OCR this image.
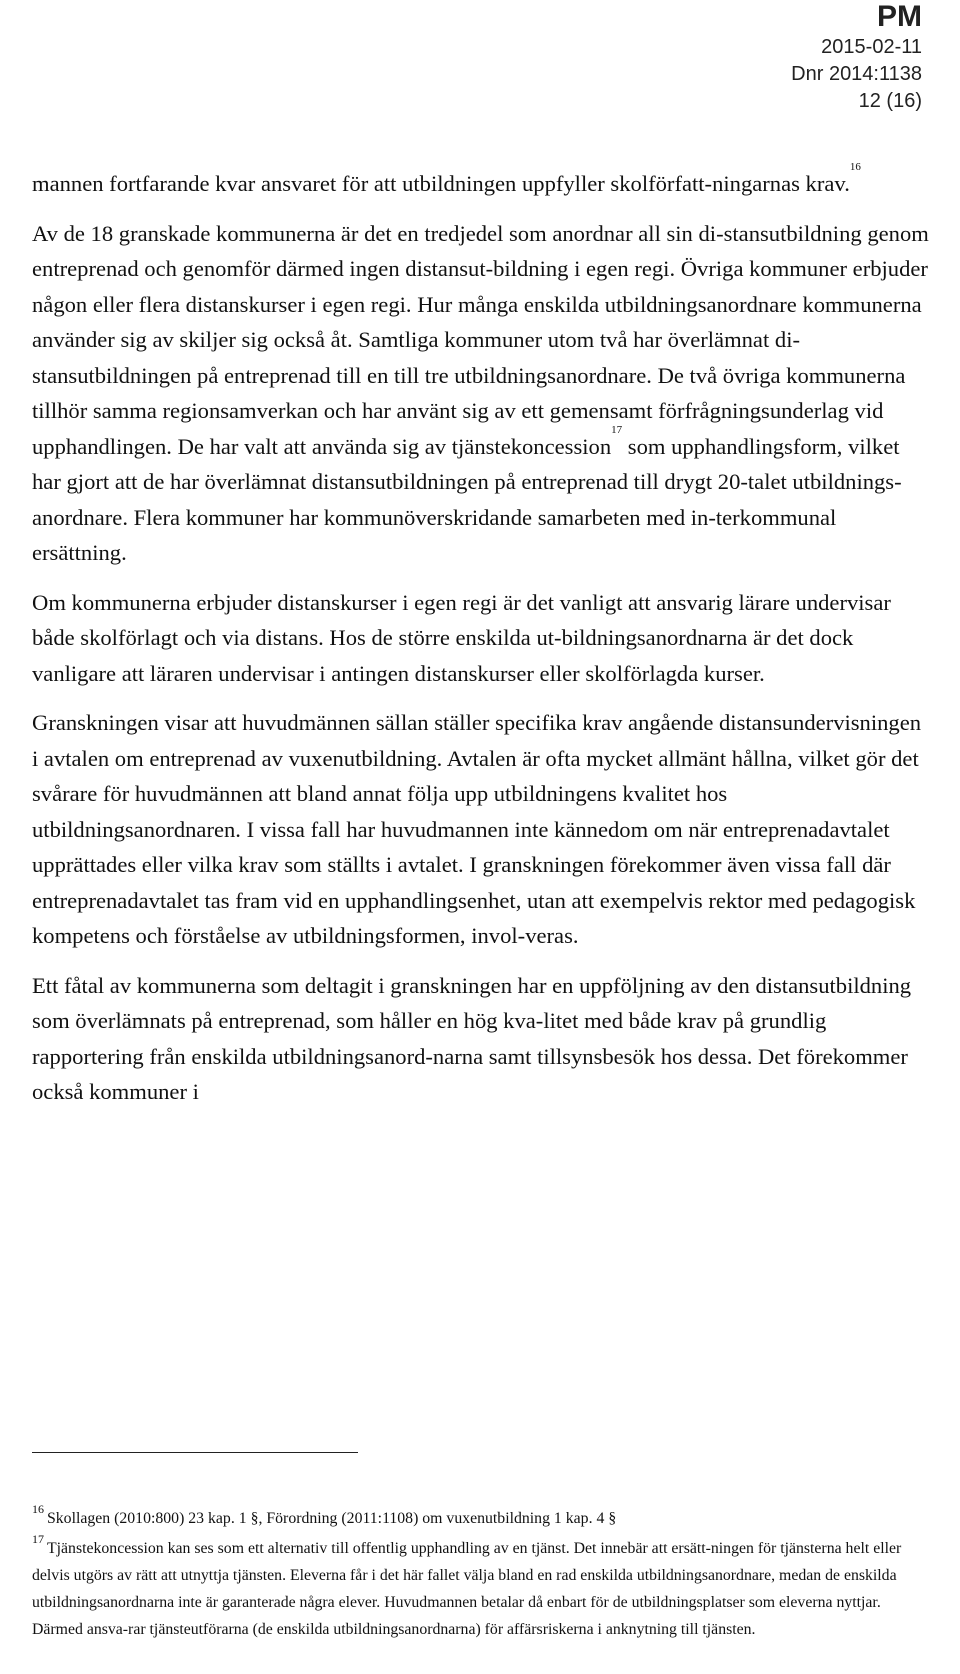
PM
2015-02-11
Dnr 2014:1138
12 (16)

mannen fortfarande kvar ansvaret för att utbildningen uppfyller skolförfatt-ningarnas krav.$^{16}$

Av de 18 granskade kommunerna är det en tredjedel som anordnar all sin di-stansutbildning genom entreprenad och genomför därmed ingen distansut-bildning i egen regi. Övriga kommuner erbjuder någon eller flera distanskurser i egen regi. Hur många enskilda utbildningsanordnare kommunerna använder sig av skiljer sig också åt. Samtliga kommuner utom två har överlämnat di-stansutbildningen på entreprenad till en till tre utbildningsanordnare. De två övriga kommunerna tillhör samma regionsamverkan och har använt sig av ett gemensamt förfrågningsunderlag vid upphandlingen. De har valt att använda sig av tjänstekoncession$^{17}$ som upphandlingsform, vilket har gjort att de har överlämnat distansutbildningen på entreprenad till drygt 20-talet utbildnings-anordnare. Flera kommuner har kommunöverskridande samarbeten med in-terkommunal ersättning.

Om kommunerna erbjuder distanskurser i egen regi är det vanligt att ansvarig lärare undervisar både skolförlagt och via distans. Hos de större enskilda ut-bildningsanordnarna är det dock vanligare att läraren undervisar i antingen distanskurser eller skolförlagda kurser.

Granskningen visar att huvudmännen sällan ställer specifika krav angående distansundervisningen i avtalen om entreprenad av vuxenutbildning. Avtalen är ofta mycket allmänt hållna, vilket gör det svårare för huvudmännen att bland annat följa upp utbildningens kvalitet hos utbildningsanordnaren. I vissa fall har huvudmannen inte kännedom om när entreprenadavtalet upprättades eller vilka krav som ställts i avtalet. I granskningen förekommer även vissa fall där entreprenadavtalet tas fram vid en upphandlingsenhet, utan att exempelvis rektor med pedagogisk kompetens och förståelse av utbildningsformen, invol-veras.

Ett fåtal av kommunerna som deltagit i granskningen har en uppföljning av den distansutbildning som överlämnats på entreprenad, som håller en hög kva-litet med både krav på grundlig rapportering från enskilda utbildningsanord-narna samt tillsynsbesök hos dessa. Det förekommer också kommuner i

$^{16}$Skollagen (2010:800) 23 kap. 1 §, Förordning (2011:1108) om vuxenutbildning 1 kap. 4 §
$^{17}$Tjänstekoncession kan ses som ett alternativ till offentlig upphandling av en tjänst. Det innebär att ersätt-ningen för tjänsterna helt eller delvis utgörs av rätt att utnyttja tjänsten. Eleverna får i det här fallet välja bland en rad enskilda utbildningsanordnare, medan de enskilda utbildningsanordnarna inte är garanterade några elever. Huvudmannen betalar då enbart för de utbildningsplatser som eleverna nyttjar. Därmed ansva-rar tjänsteutförarna (de enskilda utbildningsanordnarna) för affärsriskerna i anknytning till tjänsten.
